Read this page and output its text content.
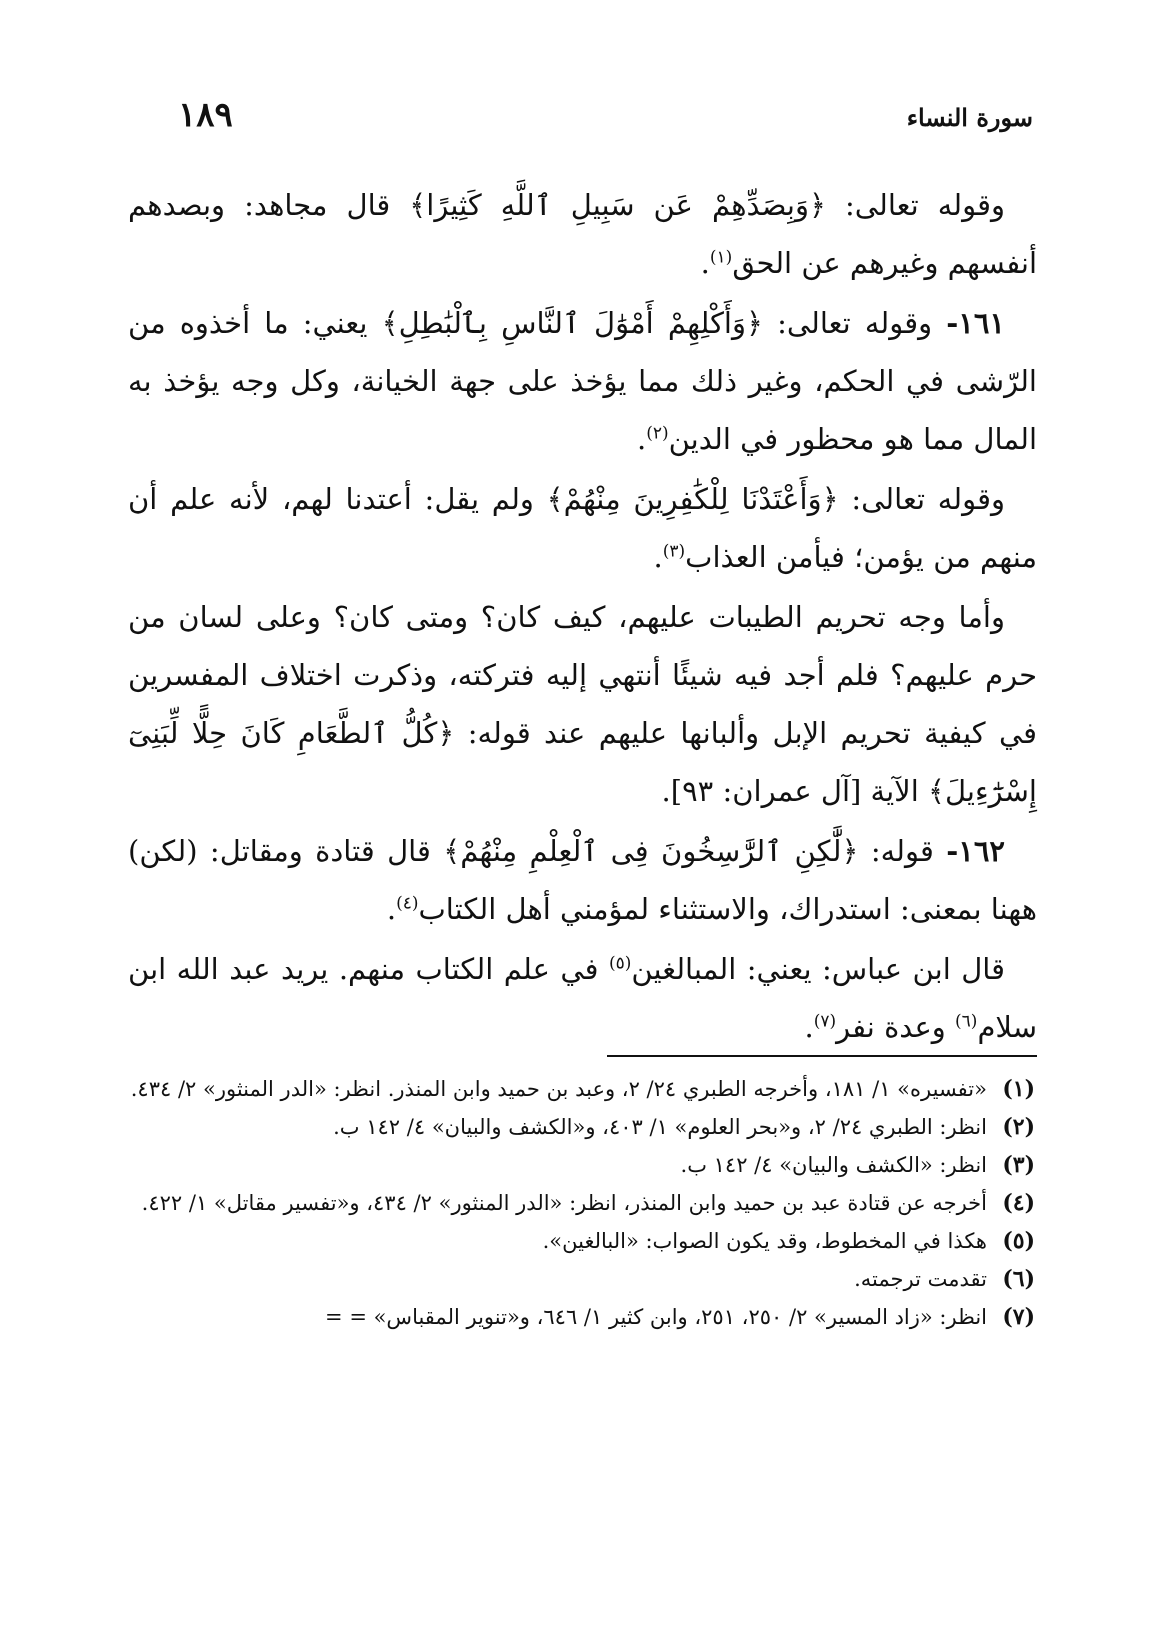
سورة النساء
١٨٩

وقوله تعالى: ﴿وَبِصَدِّهِمْ عَن سَبِيلِ ٱللَّهِ كَثِيرًا﴾ قال مجاهد: وبصدهم أنفسهم وغيرهم عن الحق$^{(١)}$.

١٦١- وقوله تعالى: ﴿وَأَكْلِهِمْ أَمْوَٰلَ ٱلنَّاسِ بِٱلْبَٰطِلِ﴾ يعني: ما أخذوه من الرّشى في الحكم، وغير ذلك مما يؤخذ على جهة الخيانة، وكل وجه يؤخذ به المال مما هو محظور في الدين$^{(٢)}$.

وقوله تعالى: ﴿وَأَعْتَدْنَا لِلْكَٰفِرِينَ مِنْهُمْ﴾ ولم يقل: أعتدنا لهم، لأنه علم أن منهم من يؤمن؛ فيأمن العذاب$^{(٣)}$.

وأما وجه تحريم الطيبات عليهم، كيف كان؟ ومتى كان؟ وعلى لسان من حرم عليهم؟ فلم أجد فيه شيئًا أنتهي إليه فتركته، وذكرت اختلاف المفسرين في كيفية تحريم الإبل وألبانها عليهم عند قوله: ﴿كُلُّ ٱلطَّعَامِ كَانَ حِلًّا لِّبَنِىٓ إِسْرَٰٓءِيلَ﴾ الآية [آل عمران: ٩٣].

١٦٢- قوله: ﴿لَّٰكِنِ ٱلرَّٰسِخُونَ فِى ٱلْعِلْمِ مِنْهُمْ﴾ قال قتادة ومقاتل: (لكن) ههنا بمعنى: استدراك، والاستثناء لمؤمني أهل الكتاب$^{(٤)}$.

قال ابن عباس: يعني: المبالغين$^{(٥)}$ في علم الكتاب منهم. يريد عبد الله ابن سلام$^{(٦)}$ وعدة نفر$^{(٧)}$.

(١)
«تفسيره» ١/ ١٨١، وأخرجه الطبري ٢٤/ ٢، وعبد بن حميد وابن المنذر. انظر: «الدر المنثور» ٢/ ٤٣٤.
(٢)
انظر: الطبري ٢٤/ ٢، و«بحر العلوم» ١/ ٤٠٣، و«الكشف والبيان» ٤/ ١٤٢ ب.
(٣)
انظر: «الكشف والبيان» ٤/ ١٤٢ ب.
(٤)
أخرجه عن قتادة عبد بن حميد وابن المنذر، انظر: «الدر المنثور» ٢/ ٤٣٤، و«تفسير مقاتل» ١/ ٤٢٢.
(٥)
هكذا في المخطوط، وقد يكون الصواب: «البالغين».
(٦)
تقدمت ترجمته.
(٧)
انظر: «زاد المسير» ٢/ ٢٥٠، ٢٥١، وابن كثير ١/ ٦٤٦، و«تنوير المقباس» = =
